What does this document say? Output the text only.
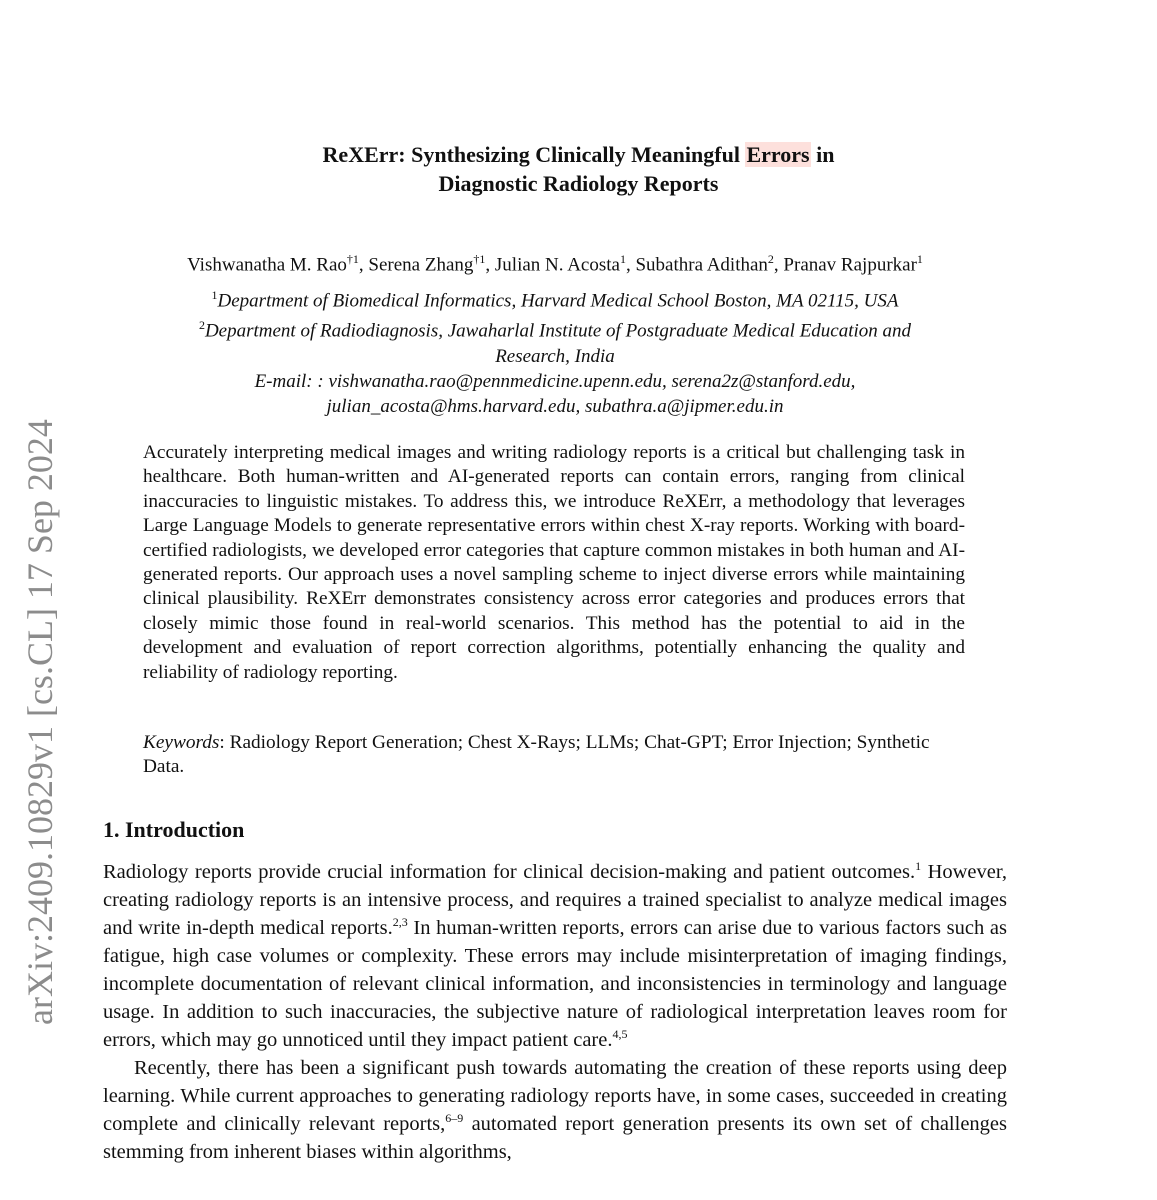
arXiv:2409.10829v1 [cs.CL] 17 Sep 2024
ReXErr: Synthesizing Clinically Meaningful Errors in
Diagnostic Radiology Reports
Vishwanatha M. Rao$^{\dagger 1}$, Serena Zhang$^{\dagger 1}$, Julian N. Acosta$^1$, Subathra Adithan$^2$, Pranav Rajpurkar$^1$
$^1$Department of Biomedical Informatics, Harvard Medical School Boston, MA 02115, USA
$^2$Department of Radiodiagnosis, Jawaharlal Institute of Postgraduate Medical Education and
Research, India
E-mail: : vishwanatha.rao@pennmedicine.upenn.edu, serena2z@stanford.edu,
julian_acosta@hms.harvard.edu, subathra.a@jipmer.edu.in

Accurately interpreting medical images and writing radiology reports is a critical but challenging task in healthcare. Both human-written and AI-generated reports can contain errors, ranging from clinical inaccuracies to linguistic mistakes. To address this, we introduce ReXErr, a methodology that leverages Large Language Models to generate representative errors within chest X-ray reports. Working with board-certified radiologists, we developed error categories that capture common mistakes in both human and AI-generated reports. Our approach uses a novel sampling scheme to inject diverse errors while maintaining clinical plausibility. ReXErr demonstrates consistency across error categories and produces errors that closely mimic those found in real-world scenarios. This method has the potential to aid in the development and evaluation of report correction algorithms, potentially enhancing the quality and reliability of radiology reporting.

Keywords: Radiology Report Generation; Chest X-Rays; LLMs; Chat-GPT; Error Injection; Synthetic Data.

1. Introduction

Radiology reports provide crucial information for clinical decision-making and patient outcomes.$^1$ However, creating radiology reports is an intensive process, and requires a trained specialist to analyze medical images and write in-depth medical reports.$^{2,3}$ In human-written reports, errors can arise due to various factors such as fatigue, high case volumes or complexity. These errors may include misinterpretation of imaging findings, incomplete documentation of relevant clinical information, and inconsistencies in terminology and language usage. In addition to such inaccuracies, the subjective nature of radiological interpretation leaves room for errors, which may go unnoticed until they impact patient care.$^{4,5}$

Recently, there has been a significant push towards automating the creation of these reports using deep learning. While current approaches to generating radiology reports have, in some cases, succeeded in creating complete and clinically relevant reports,$^{6-9}$ automated report generation presents its own set of challenges stemming from inherent biases within algorithms,
